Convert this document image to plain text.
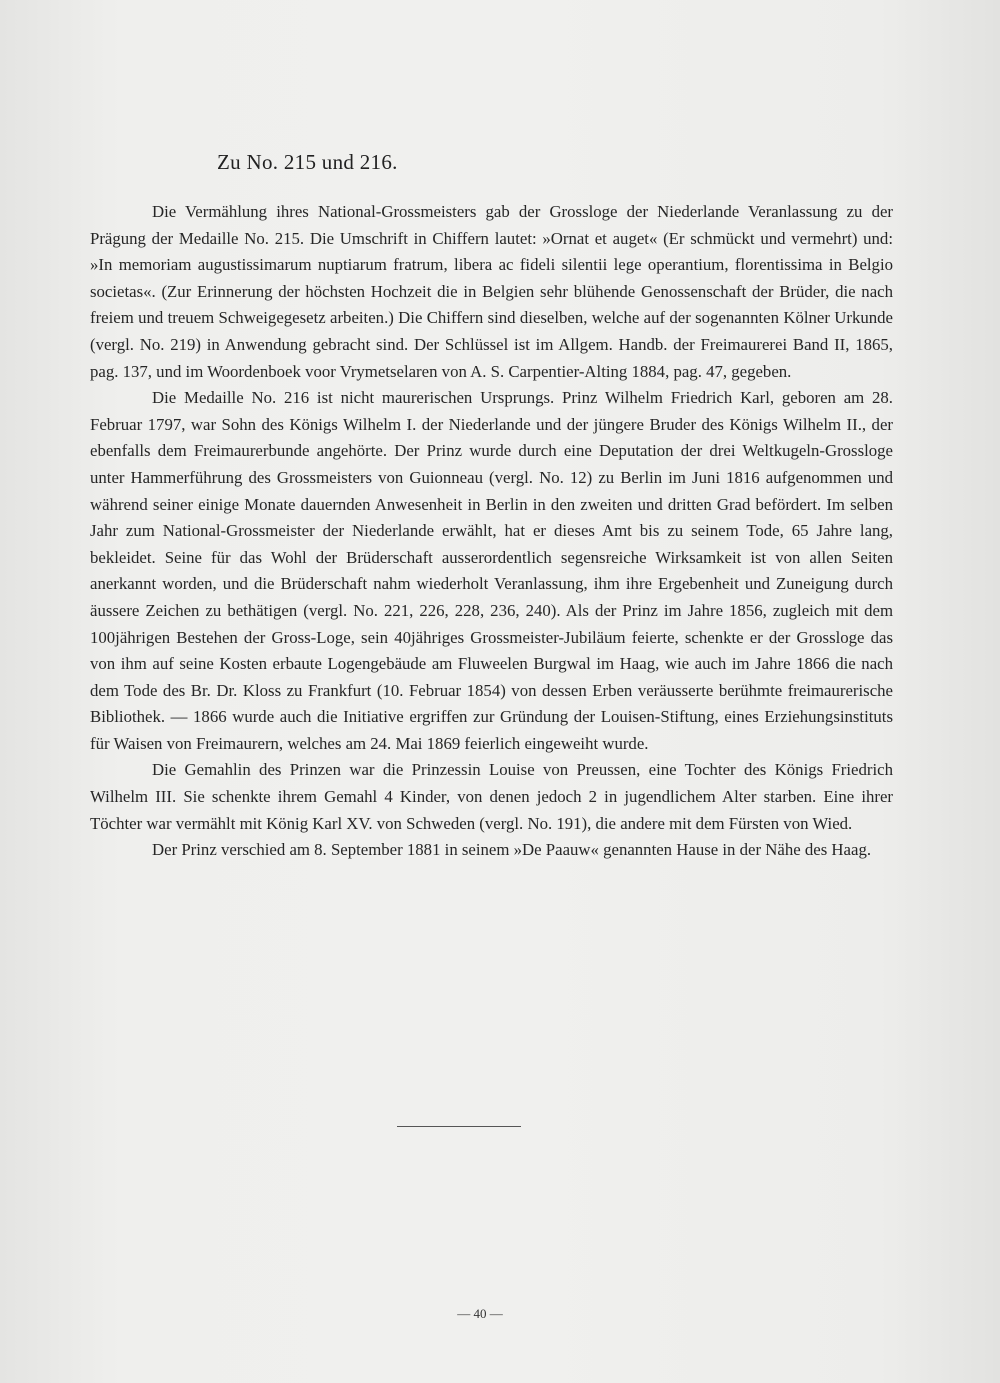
Zu No. 215 und 216.

Die Vermählung ihres National-Grossmeisters gab der Grossloge der Niederlande Veranlassung zu der Prägung der Medaille No. 215. Die Umschrift in Chiffern lautet: »Ornat et auget« (Er schmückt und vermehrt) und: »In memoriam augustissimarum nuptiarum fratrum, libera ac fideli silentii lege operantium, florentissima in Belgio societas«. (Zur Erinnerung der höchsten Hochzeit die in Belgien sehr blühende Genossenschaft der Brüder, die nach freiem und treuem Schweigegesetz arbeiten.) Die Chiffern sind dieselben, welche auf der sogenannten Kölner Urkunde (vergl. No. 219) in Anwendung gebracht sind. Der Schlüssel ist im Allgem. Handb. der Freimaurerei Band II, 1865, pag. 137, und im Woordenboek voor Vrymetselaren von A. S. Carpentier-Alting 1884, pag. 47, gegeben.

Die Medaille No. 216 ist nicht maurerischen Ursprungs. Prinz Wilhelm Friedrich Karl, geboren am 28. Februar 1797, war Sohn des Königs Wilhelm I. der Niederlande und der jüngere Bruder des Königs Wilhelm II., der ebenfalls dem Freimaurerbunde angehörte. Der Prinz wurde durch eine Deputation der drei Weltkugeln-Grossloge unter Hammerführung des Grossmeisters von Guionneau (vergl. No. 12) zu Berlin im Juni 1816 aufgenommen und während seiner einige Monate dauernden Anwesenheit in Berlin in den zweiten und dritten Grad befördert. Im selben Jahr zum National-Grossmeister der Niederlande erwählt, hat er dieses Amt bis zu seinem Tode, 65 Jahre lang, bekleidet. Seine für das Wohl der Brüderschaft ausserordentlich segensreiche Wirksamkeit ist von allen Seiten anerkannt worden, und die Brüderschaft nahm wiederholt Veranlassung, ihm ihre Ergebenheit und Zuneigung durch äussere Zeichen zu bethätigen (vergl. No. 221, 226, 228, 236, 240). Als der Prinz im Jahre 1856, zugleich mit dem 100jährigen Bestehen der Gross-Loge, sein 40jähriges Grossmeister-Jubiläum feierte, schenkte er der Grossloge das von ihm auf seine Kosten erbaute Logengebäude am Fluweelen Burgwal im Haag, wie auch im Jahre 1866 die nach dem Tode des Br. Dr. Kloss zu Frankfurt (10. Februar 1854) von dessen Erben veräusserte berühmte freimaurerische Bibliothek. — 1866 wurde auch die Initiative ergriffen zur Gründung der Louisen-Stiftung, eines Erziehungsinstituts für Waisen von Freimaurern, welches am 24. Mai 1869 feierlich eingeweiht wurde.

Die Gemahlin des Prinzen war die Prinzessin Louise von Preussen, eine Tochter des Königs Friedrich Wilhelm III. Sie schenkte ihrem Gemahl 4 Kinder, von denen jedoch 2 in jugendlichem Alter starben. Eine ihrer Töchter war vermählt mit König Karl XV. von Schweden (vergl. No. 191), die andere mit dem Fürsten von Wied.

Der Prinz verschied am 8. September 1881 in seinem »De Paauw« genannten Hause in der Nähe des Haag.

— 40 —
